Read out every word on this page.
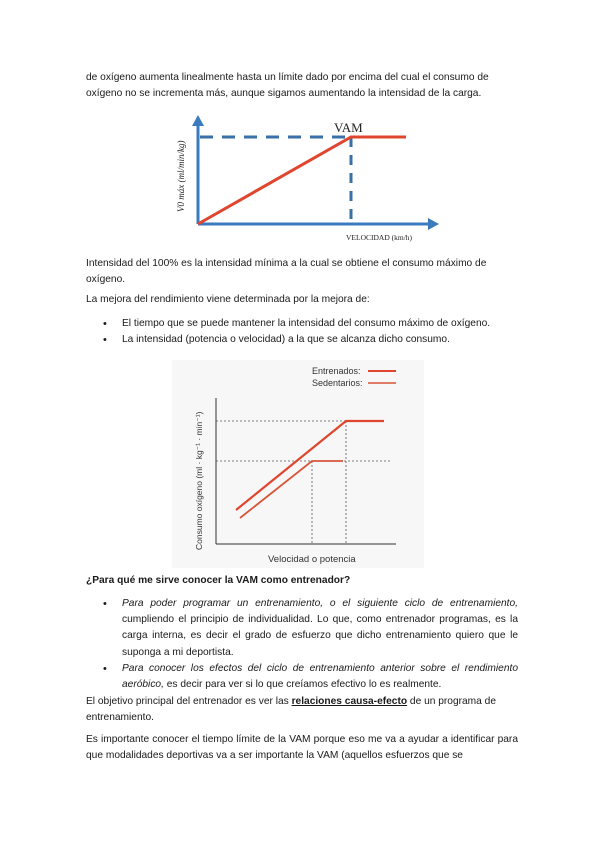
de oxígeno aumenta linealmente hasta un límite dado por encima del cual el consumo de oxígeno no se incrementa más, aunque sigamos aumentando la intensidad de la carga.

VAM
VELOCIDAD (km/h)
V0 máx (ml/min/kg)

Intensidad del 100% es la intensidad mínima a la cual se obtiene el consumo máximo de oxígeno.

La mejora del rendimiento viene determinada por la mejora de:

• El tiempo que se puede mantener la intensidad del consumo máximo de oxígeno.
• La intensidad (potencia o velocidad) a la que se alcanza dicho consumo.
Entrenados:
Sedentarios:
Velocidad o potencia
Consumo oxígeno (ml · kg⁻¹ · min⁻¹)

¿Para qué me sirve conocer la VAM como entrenador?

• Para poder programar un entrenamiento, o el siguiente ciclo de entrenamiento, cumpliendo el principio de individualidad. Lo que, como entrenador programas, es la carga interna, es decir el grado de esfuerzo que dicho entrenamiento quiero que le suponga a mi deportista.
• Para conocer los efectos del ciclo de entrenamiento anterior sobre el rendimiento aeróbico, es decir para ver si lo que creíamos efectivo lo es realmente.

El objetivo principal del entrenador es ver las relaciones causa-efecto de un programa de entrenamiento.

Es importante conocer el tiempo límite de la VAM porque eso me va a ayudar a identificar para que modalidades deportivas va a ser importante la VAM (aquellos esfuerzos que se
